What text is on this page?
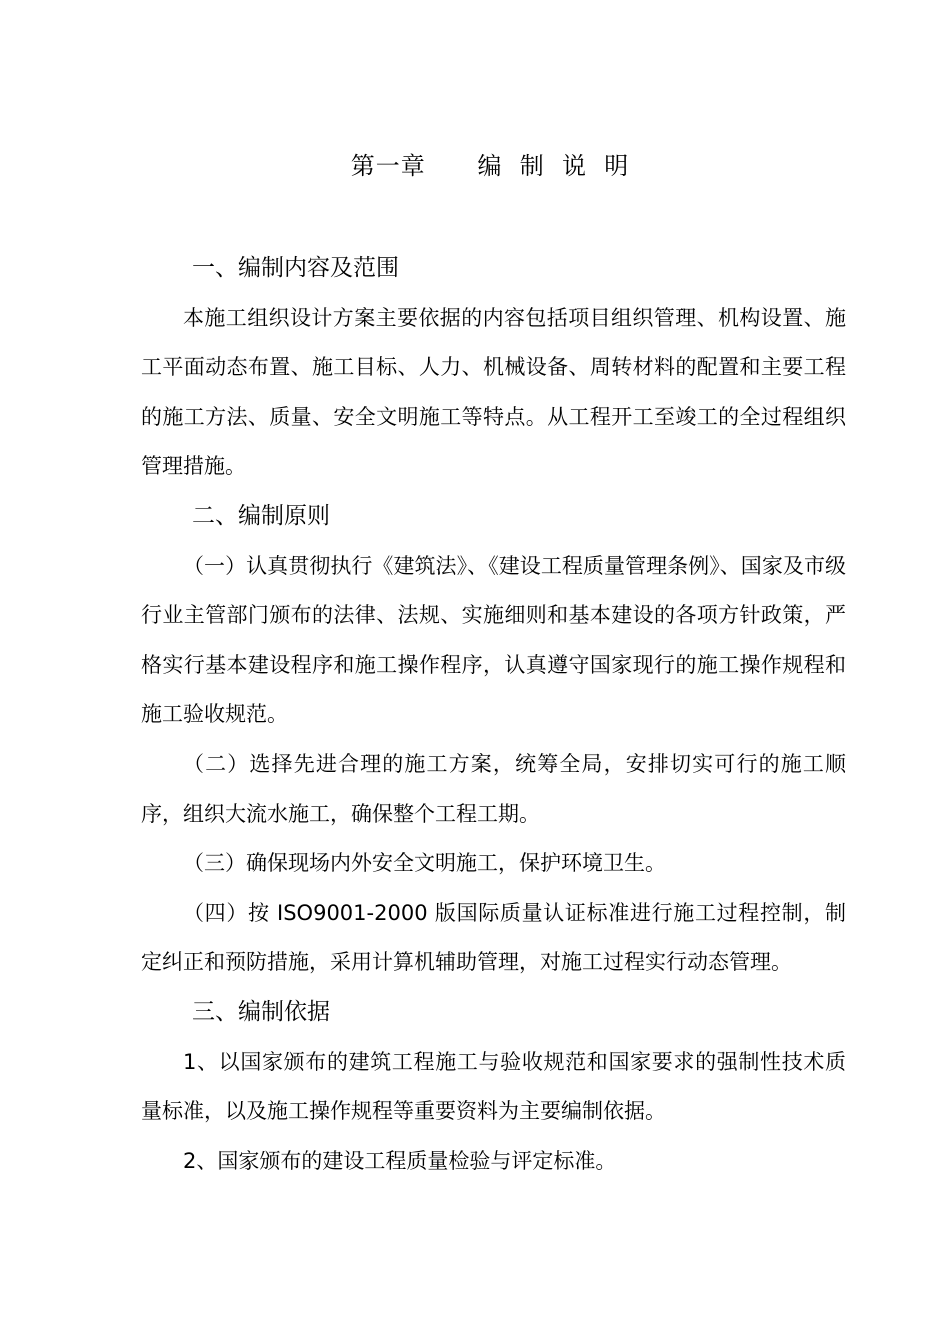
第一章      编  制  说  明

一、编制内容及范围

本施工组织设计方案主要依据的内容包括项目组织管理、机构设置、施工平面动态布置、施工目标、人力、机械设备、周转材料的配置和主要工程的施工方法、质量、安全文明施工等特点。从工程开工至竣工的全过程组织管理措施。

二、编制原则

（一）认真贯彻执行《建筑法》、《建设工程质量管理条例》、国家及市级行业主管部门颁布的法律、法规、实施细则和基本建设的各项方针政策，严格实行基本建设程序和施工操作程序，认真遵守国家现行的施工操作规程和施工验收规范。

（二）选择先进合理的施工方案，统筹全局，安排切实可行的施工顺序，组织大流水施工，确保整个工程工期。

（三）确保现场内外安全文明施工，保护环境卫生。

（四）按 ISO9001-2000 版国际质量认证标准进行施工过程控制，制定纠正和预防措施，采用计算机辅助管理，对施工过程实行动态管理。

三、编制依据

1、以国家颁布的建筑工程施工与验收规范和国家要求的强制性技术质量标准，以及施工操作规程等重要资料为主要编制依据。

2、国家颁布的建设工程质量检验与评定标准。
